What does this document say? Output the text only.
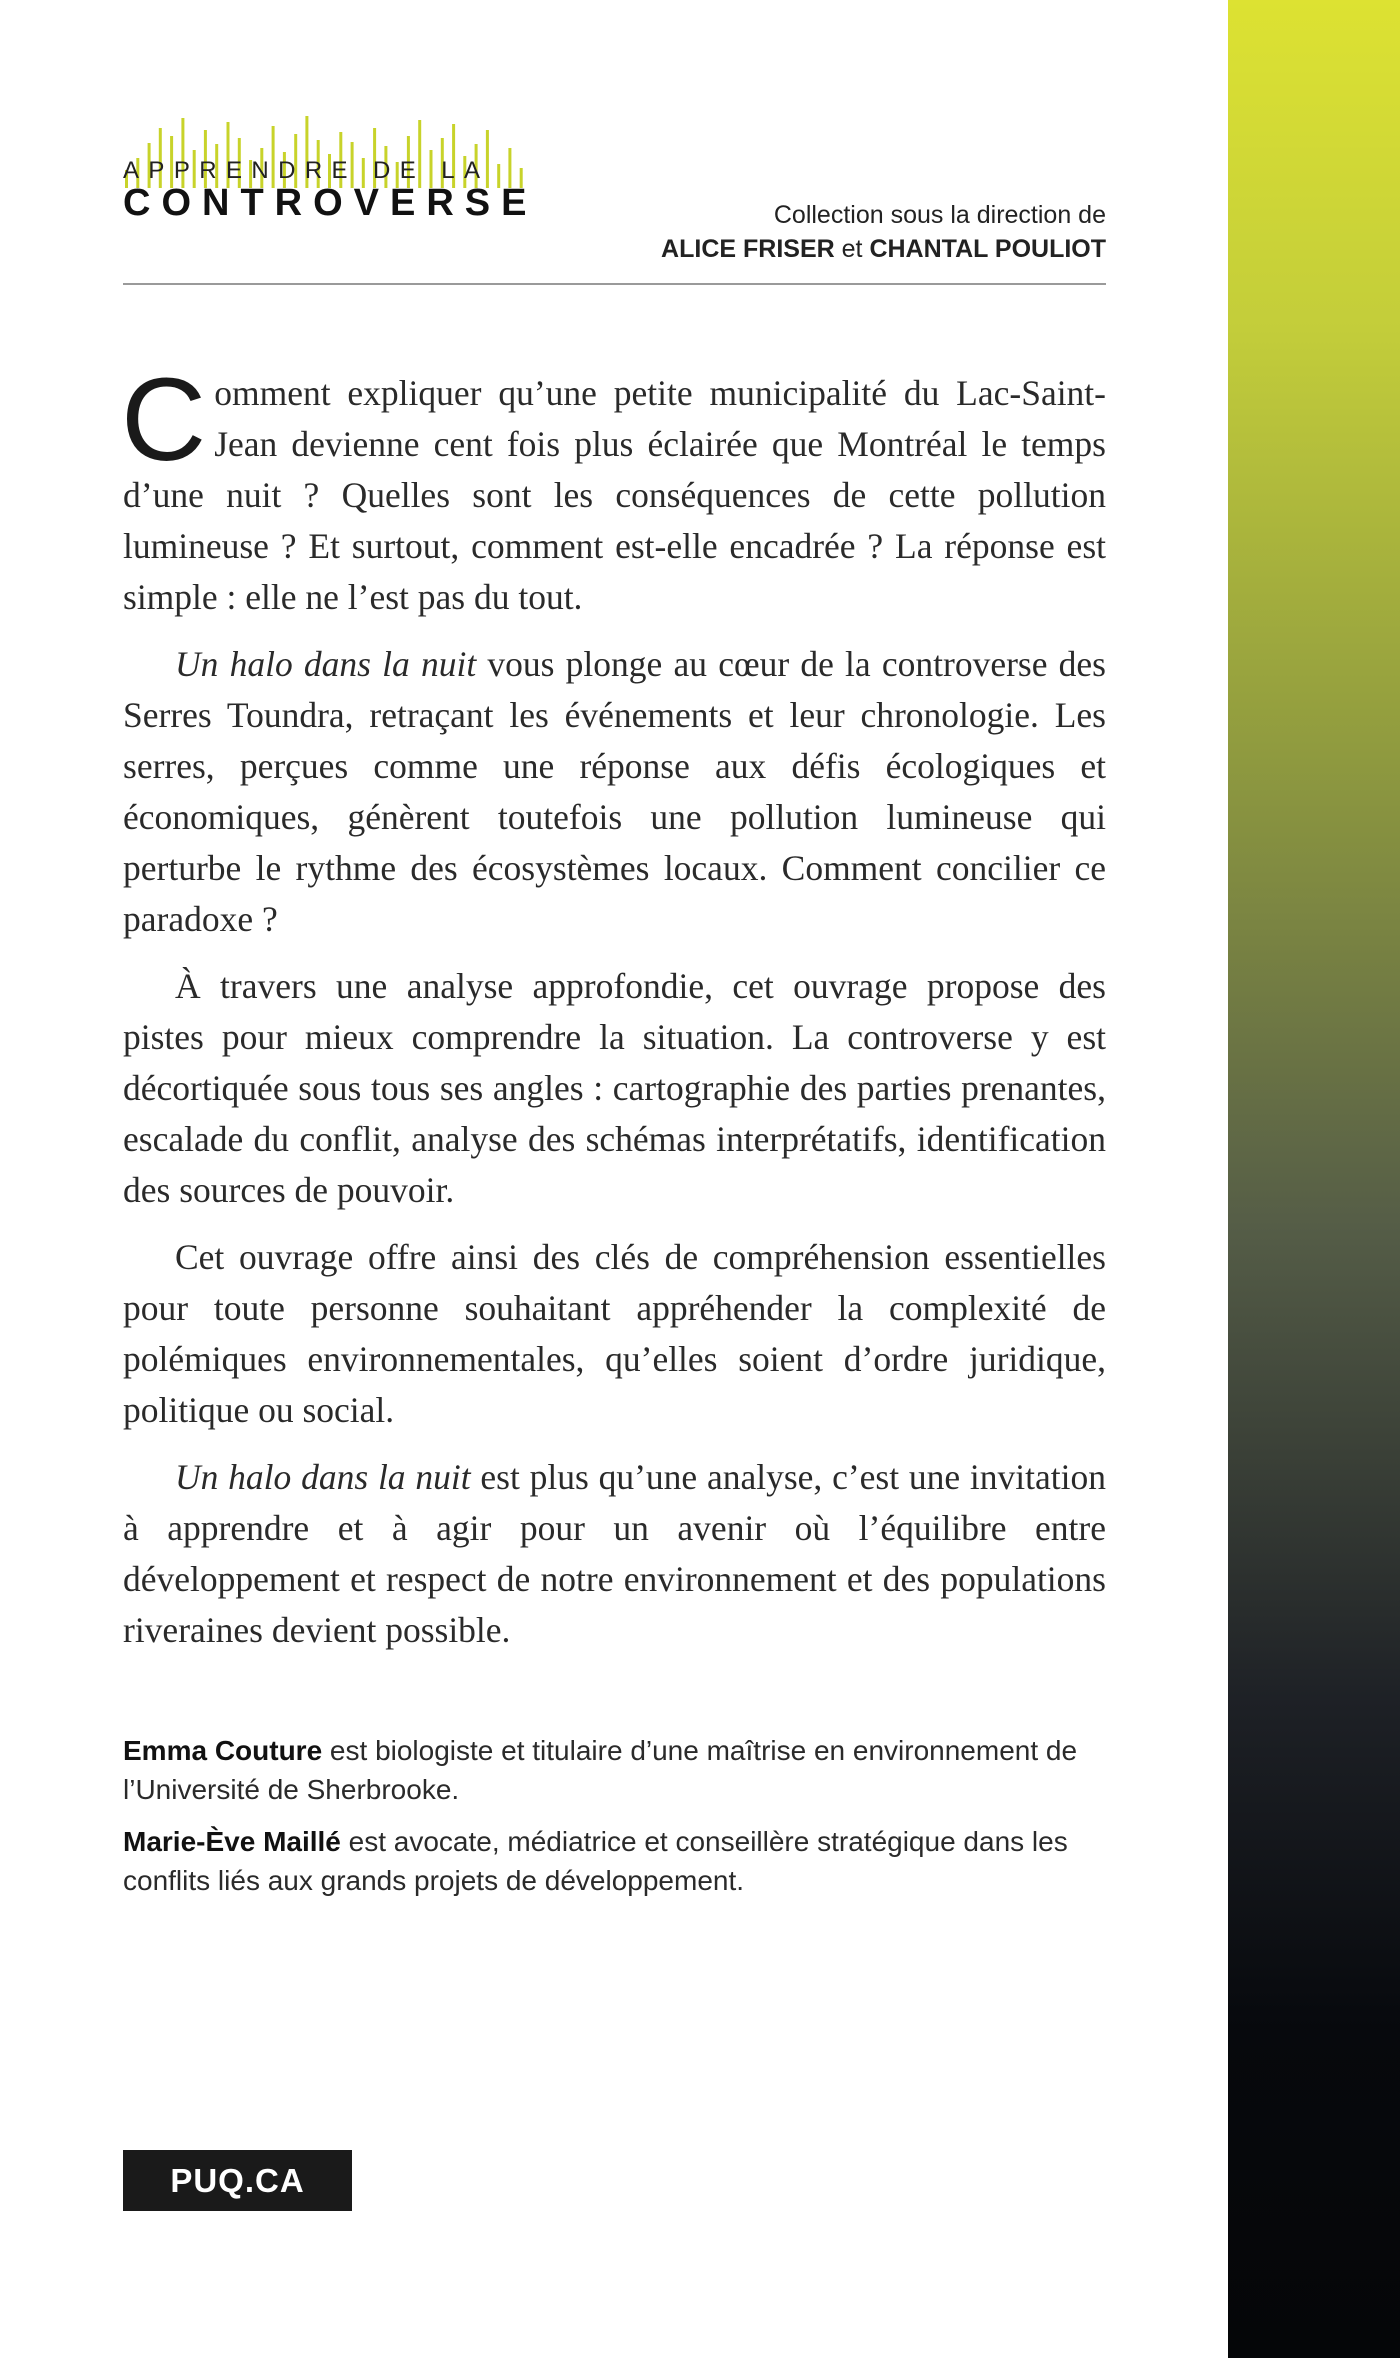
APPRENDRE DE LA
CONTROVERSE	Collection sous la direction de
ALICE FRISER et CHANTAL POULIOT

Comment expliquer qu’une petite municipalité du Lac-Saint-Jean devienne cent fois plus éclairée que Montréal le temps d’une nuit ? Quelles sont les conséquences de cette pollution lumineuse ? Et surtout, comment est-elle encadrée ? La réponse est simple : elle ne l’est pas du tout.

Un halo dans la nuit vous plonge au cœur de la controverse des Serres Toundra, retraçant les événements et leur chronologie. Les serres, perçues comme une réponse aux défis écologiques et économiques, génèrent toutefois une pollution lumineuse qui perturbe le rythme des écosystèmes locaux. Comment concilier ce paradoxe ?

À travers une analyse approfondie, cet ouvrage propose des pistes pour mieux comprendre la situation. La controverse y est décortiquée sous tous ses angles : cartographie des parties prenantes, escalade du conflit, analyse des schémas interprétatifs, identification des sources de pouvoir.

Cet ouvrage offre ainsi des clés de compréhension essentielles pour toute personne souhaitant appréhender la complexité de polémiques environnementales, qu’elles soient d’ordre juridique, politique ou social.

Un halo dans la nuit est plus qu’une analyse, c’est une invitation à apprendre et à agir pour un avenir où l’équilibre entre développement et respect de notre environnement et des populations riveraines devient possible.

Emma Couture est biologiste et titulaire d’une maîtrise en environnement de l’Université de Sherbrooke.

Marie-Ève Maillé est avocate, médiatrice et conseillère stratégique dans les conflits liés aux grands projets de développement.

PUQ.CA
